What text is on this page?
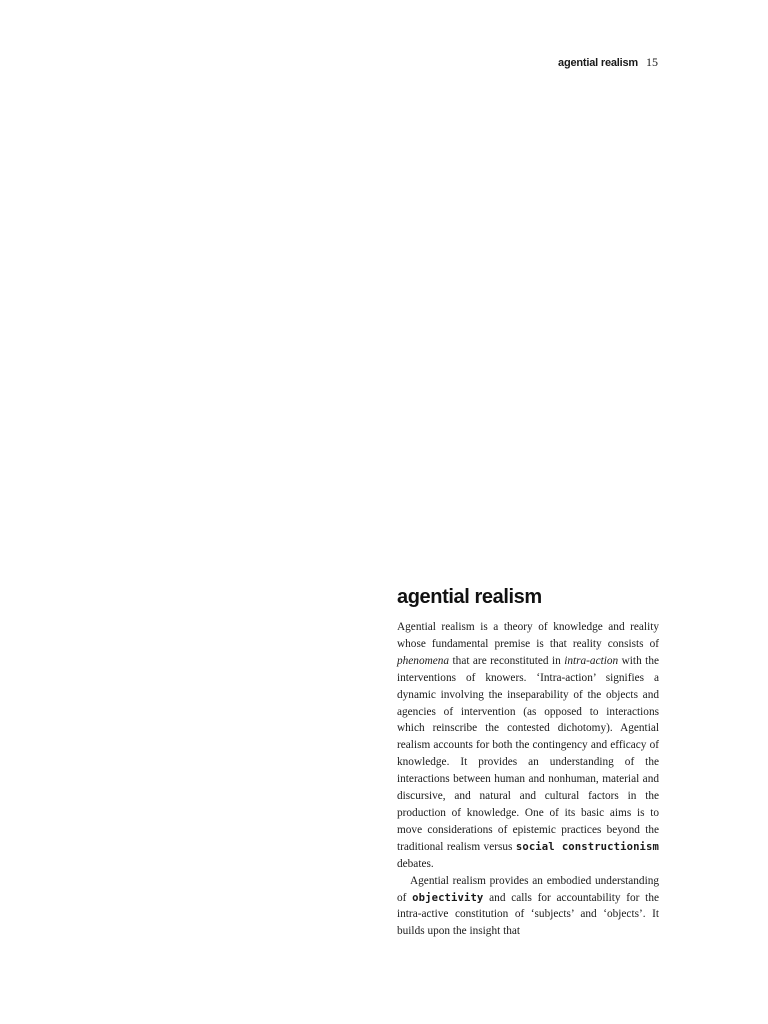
agential realism 15
agential realism

Agential realism is a theory of knowledge and reality whose fundamental premise is that reality consists of phenomena that are reconstituted in intra-action with the interventions of knowers. ‘Intra-action’ signifies a dynamic involving the inseparability of the objects and agencies of intervention (as opposed to interactions which reinscribe the contested dichotomy). Agential realism accounts for both the contingency and efficacy of knowledge. It provides an understanding of the interactions between human and nonhuman, material and discursive, and natural and cultural factors in the production of knowledge. One of its basic aims is to move considerations of epistemic practices beyond the traditional realism versus social constructionism debates.

Agential realism provides an embodied understanding of objectivity and calls for accountability for the intra-active constitution of ‘subjects’ and ‘objects’. It builds upon the insight that
